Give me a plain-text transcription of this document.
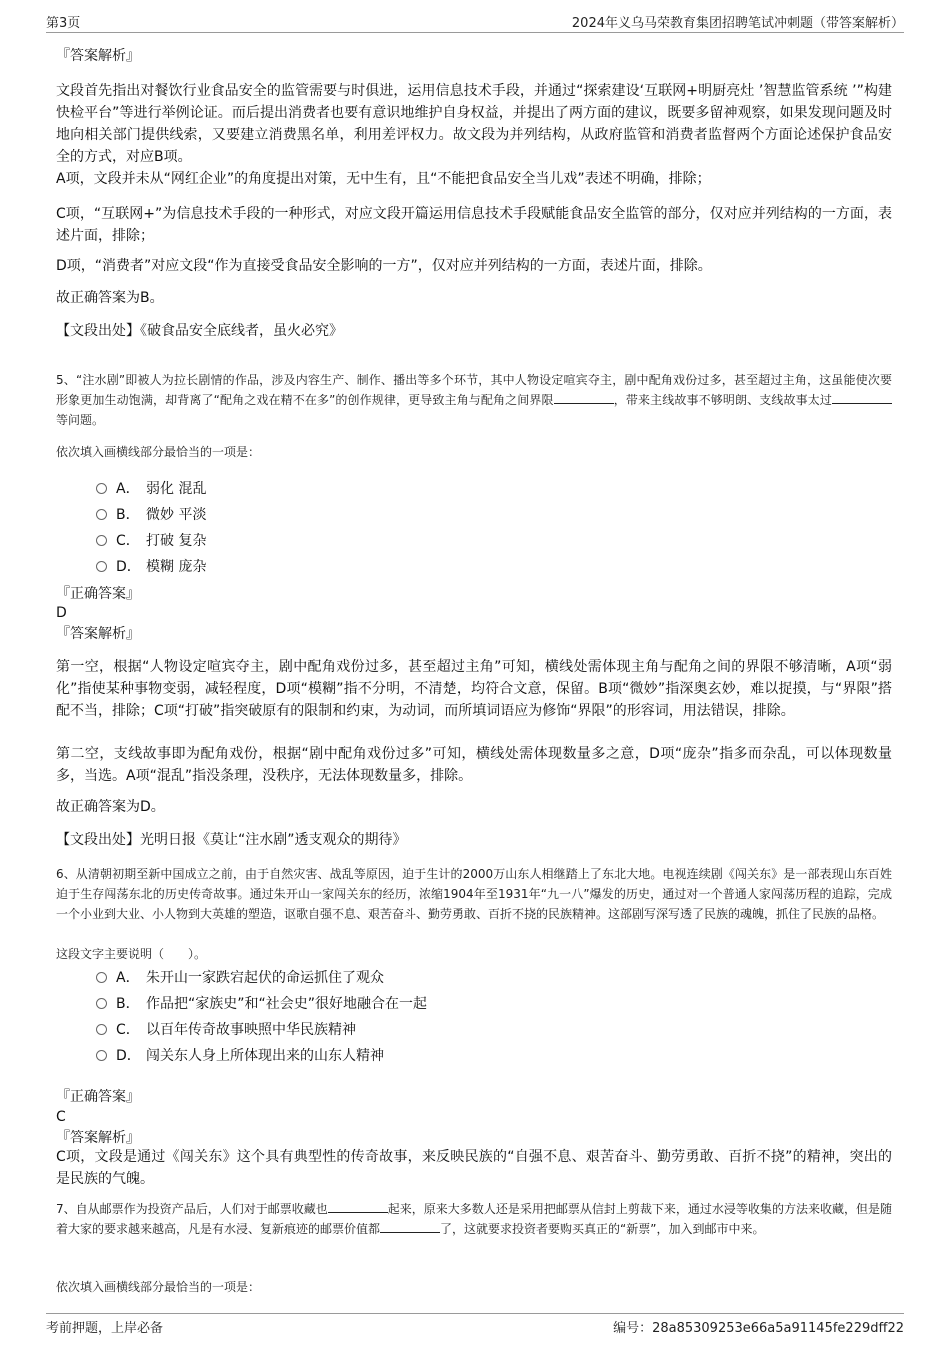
第3页	2024年义乌马荣教育集团招聘笔试冲刺题（带答案解析）
『答案解析』
文段首先指出对餐饮行业食品安全的监管需要与时俱进，运用信息技术手段，并通过“探索建设‘互联网+明厨亮灶 ’智慧监管系统 ’”构建快检平台”等进行举例论证。而后提出消费者也要有意识地维护自身权益，并提出了两方面的建议，既要多留神观察，如果发现问题及时地向相关部门提供线索，又要建立消费黑名单，利用差评权力。故文段为并列结构，从政府监管和消费者监督两个方面论述保护食品安全的方式，对应B项。
A项，文段并未从“网红企业”的角度提出对策，无中生有，且“不能把食品安全当儿戏”表述不明确，排除；
C项，“互联网+”为信息技术手段的一种形式，对应文段开篇运用信息技术手段赋能食品安全监管的部分，仅对应并列结构的一方面，表述片面，排除；
D项，“消费者”对应文段“作为直接受食品安全影响的一方”，仅对应并列结构的一方面，表述片面，排除。
故正确答案为B。
【文段出处】《破食品安全底线者，虽火必究》
5、“注水剧”即被人为拉长剧情的作品，涉及内容生产、制作、播出等多个环节，其中人物设定喧宾夺主，剧中配角戏份过多，甚至超过主角，这虽能使次要形象更加生动饱满，却背离了“配角之戏在精不在多”的创作规律，更导致主角与配角之间界限	，带来主线故事不够明朗、支线故事太过等问题。
依次填入画横线部分最恰当的一项是：
A． 弱化 混乱
B． 微妙 平淡
C． 打破 复杂
D． 模糊 庞杂
『正确答案』
D
『答案解析』
第一空，根据“人物设定喧宾夺主，剧中配角戏份过多，甚至超过主角”可知，横线处需体现主角与配角之间的界限不够清晰，A项“弱化”指使某种事物变弱，减轻程度，D项“模糊”指不分明，不清楚，均符合文意，保留。B项“微妙”指深奥玄妙，难以捉摸，与“界限”搭配不当，排除；C项“打破”指突破原有的限制和约束，为动词，而所填词语应为修饰“界限”的形容词，用法错误，排除。
第二空，支线故事即为配角戏份，根据“剧中配角戏份过多”可知，横线处需体现数量多之意，D项“庞杂”指多而杂乱，可以体现数量多，当选。A项“混乱”指没条理，没秩序，无法体现数量多，排除。
故正确答案为D。
【文段出处】光明日报《莫让“注水剧”透支观众的期待》
6、从清朝初期至新中国成立之前，由于自然灾害、战乱等原因，迫于生计的2000万山东人相继踏上了东北大地。电视连续剧《闯关东》是一部表现山东百姓迫于生存闯荡东北的历史传奇故事。通过朱开山一家闯关东的经历，浓缩1904年至1931年“九一八”爆发的历史，通过对一个普通人家闯荡历程的追踪，完成一个小业到大业、小人物到大英雄的塑造，讴歌自强不息、艰苦奋斗、勤劳勇敢、百折不挠的民族精神。这部剧写深写透了民族的魂魄，抓住了民族的品格。
这段文字主要说明（　　）。
A． 朱开山一家跌宕起伏的命运抓住了观众
B． 作品把“家族史”和“社会史”很好地融合在一起
C． 以百年传奇故事映照中华民族精神
D． 闯关东人身上所体现出来的山东人精神
『正确答案』
C
『答案解析』
C项，文段是通过《闯关东》这个具有典型性的传奇故事，来反映民族的“自强不息、艰苦奋斗、勤劳勇敢、百折不挠”的精神，突出的是民族的气魄。
7、自从邮票作为投资产品后，人们对于邮票收藏也	起来，原来大多数人还是采用把邮票从信封上剪裁下来，通过水浸等收集的方法来收藏，但是随着大家的要求越来越高，凡是有水浸、复新痕迹的邮票价值都	了，这就要求投资者要购买真正的“新票”，加入到邮市中来。
依次填入画横线部分最恰当的一项是：
考前押题，上岸必备	编号：28a85309253e66a5a91145fe229dff22
